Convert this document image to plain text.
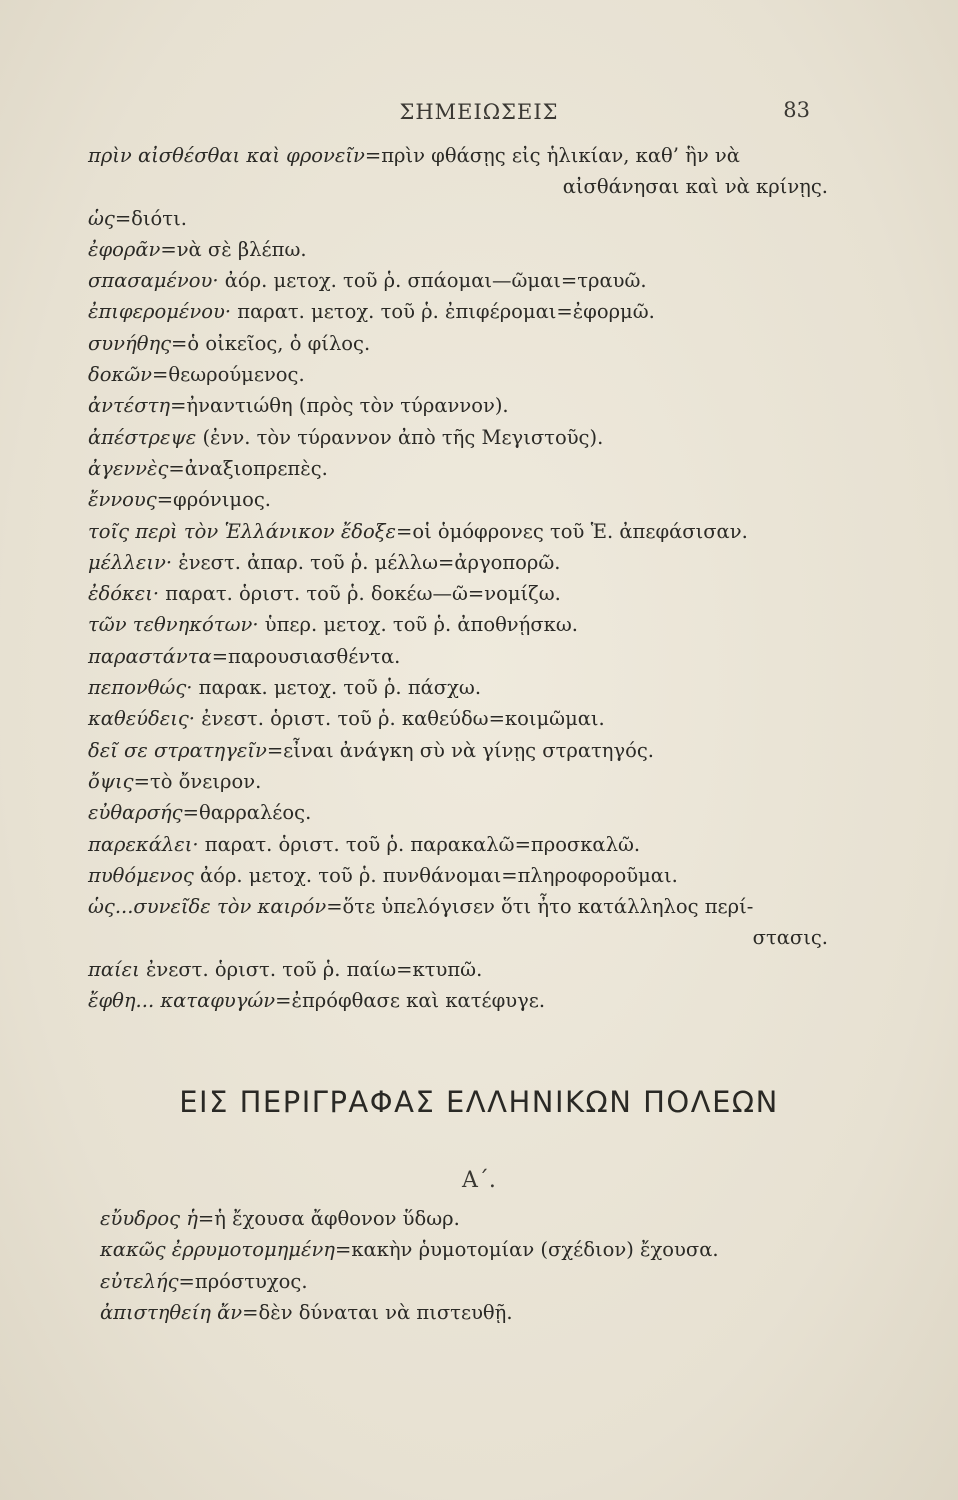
ΣΗΜΕΙΩΣΕΙΣ	83
πρὶν αἰσθέσθαι καὶ φρονεῖν=πρὶν φθάσῃς εἰς ἡλικίαν, καθ’ ἣν νὰ
αἰσθάνησαι καὶ νὰ κρίνῃς.
ὡς=διότι.
ἐφορᾶν=νὰ σὲ βλέπω.
σπασαμένου· ἀόρ. μετοχ. τοῦ ῥ. σπάομαι—ῶμαι=τραυῶ.
ἐπιφερομένου· παρατ. μετοχ. τοῦ ῥ. ἐπιφέρομαι=ἐφορμῶ.
συνήθης=ὁ οἰκεῖος, ὁ φίλος.
δοκῶν=θεωρούμενος.
ἀντέστη=ἠναντιώθη (πρὸς τὸν τύραννον).
ἀπέστρεψε (ἐνν. τὸν τύραννον ἀπὸ τῆς Μεγιστοῦς).
ἀγεννὲς=ἀναξιοπρεπὲς.
ἔννους=φρόνιμος.
τοῖς περὶ τὸν Ἑλλάνικον ἔδοξε=οἱ ὁμόφρονες τοῦ Ἑ. ἀπεφάσισαν.
μέλλειν· ἐνεστ. ἀπαρ. τοῦ ῥ. μέλλω=ἀργοπορῶ.
ἐδόκει· παρατ. ὁριστ. τοῦ ῥ. δοκέω—ῶ=νομίζω.
τῶν τεθνηκότων· ὑπερ. μετοχ. τοῦ ῥ. ἀποθνῄσκω.
παραστάντα=παρουσιασθέντα.
πεπονθώς· παρακ. μετοχ. τοῦ ῥ. πάσχω.
καθεύδεις· ἐνεστ. ὁριστ. τοῦ ῥ. καθεύδω=κοιμῶμαι.
δεῖ σε στρατηγεῖν=εἶναι ἀνάγκη σὺ νὰ γίνῃς στρατηγός.
ὄψις=τὸ ὄνειρον.
εὐθαρσής=θαρραλέος.
παρεκάλει· παρατ. ὁριστ. τοῦ ῥ. παρακαλῶ=προσκαλῶ.
πυθόμενος ἀόρ. μετοχ. τοῦ ῥ. πυνθάνομαι=πληροφοροῦμαι.
ὡς...συνεῖδε τὸν καιρόν=ὅτε ὑπελόγισεν ὅτι ἦτο κατάλληλος περί-
στασις.
παίει ἐνεστ. ὁριστ. τοῦ ῥ. παίω=κτυπῶ.
ἔφθη... καταφυγών=ἐπρόφθασε καὶ κατέφυγε.
ΕΙΣ ΠΕΡΙΓΡΑΦΑΣ ΕΛΛΗΝΙΚΩΝ ΠΟΛΕΩΝ
Α΄.
εὔυδρος ἡ=ἡ ἔχουσα ἄφθονον ὕδωρ.
κακῶς ἐρρυμοτομημένη=κακὴν ῥυμοτομίαν (σχέδιον) ἔχουσα.
εὐτελής=πρόστυχος.
ἀπιστηθείη ἄν=δὲν δύναται νὰ πιστευθῇ.
